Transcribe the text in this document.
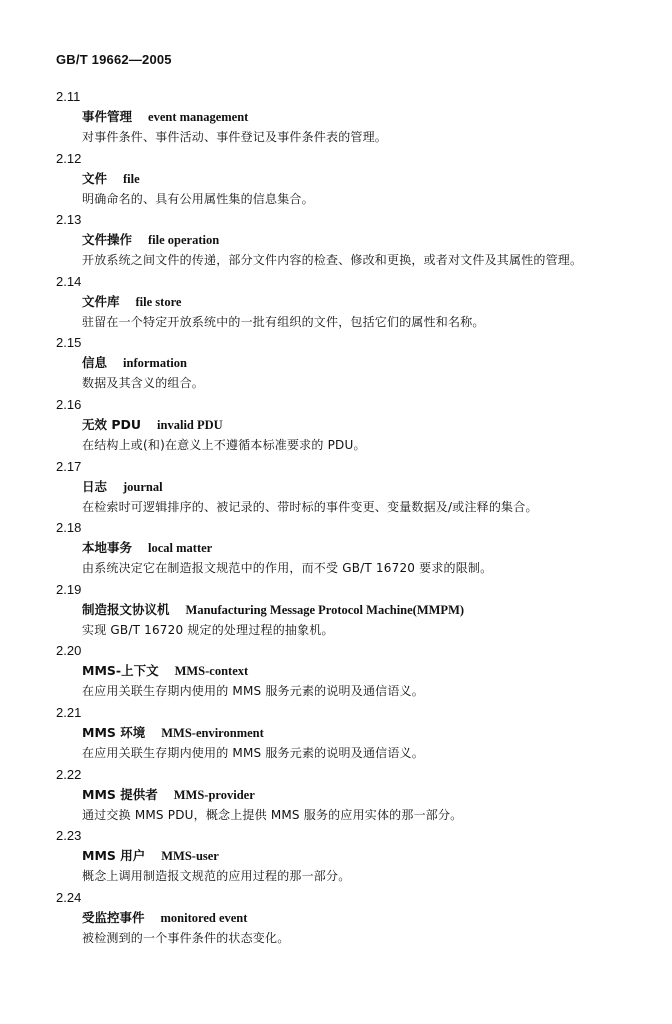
GB/T 19662—2005
2.11
事件管理 event management
对事件条件、事件活动、事件登记及事件条件表的管理。
2.12
文件 file
明确命名的、具有公用属性集的信息集合。
2.13
文件操作 file operation
开放系统之间文件的传递，部分文件内容的检查、修改和更换，或者对文件及其属性的管理。
2.14
文件库 file store
驻留在一个特定开放系统中的一批有组织的文件，包括它们的属性和名称。
2.15
信息 information
数据及其含义的组合。
2.16
无效 PDU invalid PDU
在结构上或(和)在意义上不遵循本标准要求的 PDU。
2.17
日志 journal
在检索时可逻辑排序的、被记录的、带时标的事件变更、变量数据及/或注释的集合。
2.18
本地事务 local matter
由系统决定它在制造报文规范中的作用，而不受 GB/T 16720 要求的限制。
2.19
制造报文协议机 Manufacturing Message Protocol Machine(MMPM)
实现 GB/T 16720 规定的处理过程的抽象机。
2.20
MMS-上下文 MMS-context
在应用关联生存期内使用的 MMS 服务元素的说明及通信语义。
2.21
MMS 环境 MMS-environment
在应用关联生存期内使用的 MMS 服务元素的说明及通信语义。
2.22
MMS 提供者 MMS-provider
通过交换 MMS PDU，概念上提供 MMS 服务的应用实体的那一部分。
2.23
MMS 用户 MMS-user
概念上调用制造报文规范的应用过程的那一部分。
2.24
受监控事件 monitored event
被检测到的一个事件条件的状态变化。
